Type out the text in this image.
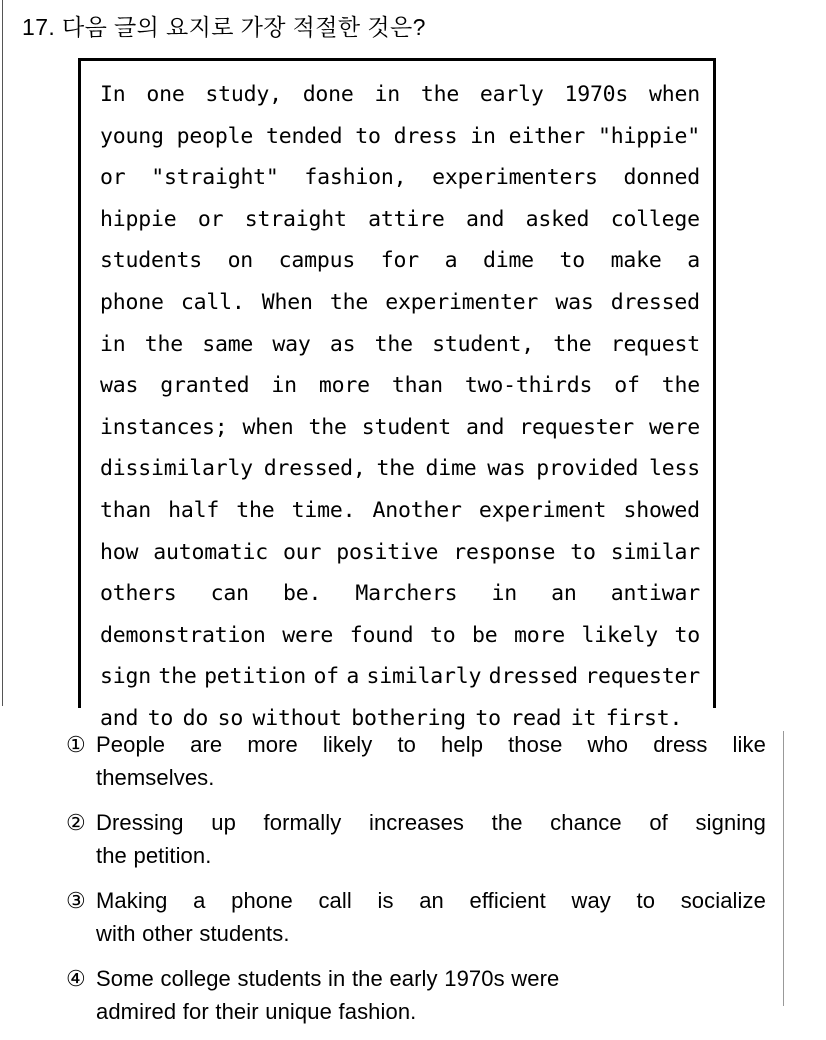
17. 다음 글의 요지로 가장 적절한 것은?
In one study, done in the early 1970s when
young people tended to dress in either "hippie"
or "straight" fashion, experimenters donned
hippie or straight attire and asked college
students on campus for a dime to make a
phone call. When the experimenter was dressed
in the same way as the student, the request
was granted in more than two-thirds of the
instances; when the student and requester were
dissimilarly dressed, the dime was provided less
than half the time. Another experiment showed
how automatic our positive response to similar
others can be. Marchers in an antiwar
demonstration were found to be more likely to
sign the petition of a similarly dressed requester
and to do so without bothering to read it first.
① People are more likely to help those who dress like
themselves.
② Dressing up formally increases the chance of signing
the petition.
③ Making a phone call is an efficient way to socialize
with other students.
④ Some college students in the early 1970s were
admired for their unique fashion.
